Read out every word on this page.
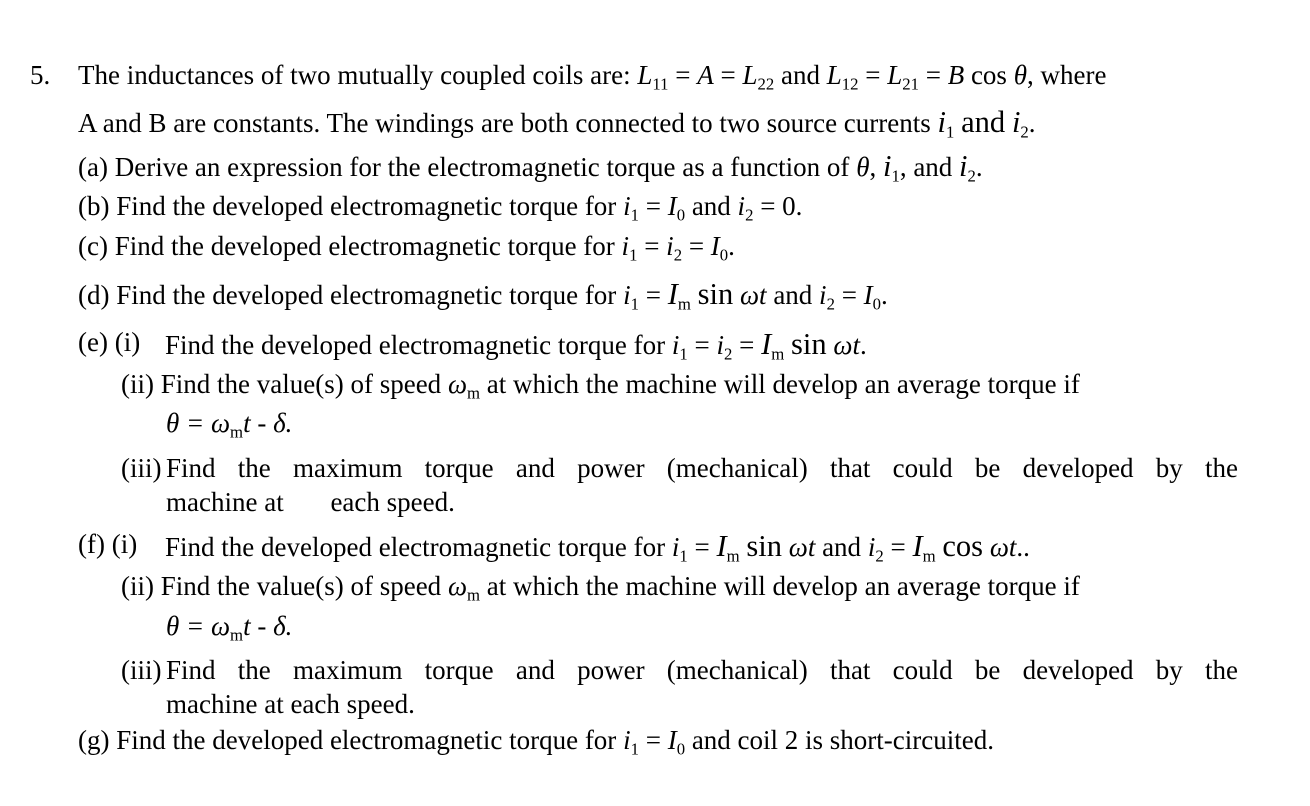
5. The inductances of two mutually coupled coils are: $L_{11} = A = L_{22}$ and $L_{12} = L_{21} = B$ cos θ, where
A and B are constants. The windings are both connected to two source currents $i_1$ and $i_2$.
(a) Derive an expression for the electromagnetic torque as a function of θ, $i_1$, and $i_2$.
(b) Find the developed electromagnetic torque for $i_1 = I_0$ and $i_2 = 0$.
(c) Find the developed electromagnetic torque for $i_1 = i_2 = I_0$.
(d) Find the developed electromagnetic torque for $i_1 = I_m$ sin ωt and $i_2 = I_0$.
(e) (i) Find the developed electromagnetic torque for $i_1 = i_2 = I_m$ sin ωt.
(ii) Find the value(s) of speed $\omega_m$ at which the machine will develop an average torque if
$\theta = \omega_mt - \delta$.
(iii) Find the maximum torque and power (mechanical) that could be developed by the
machine at each speed.
(f) (i) Find the developed electromagnetic torque for $i_1 = I_m$ sin ωt and $i_2 = I_m$ cos ωt..
(ii) Find the value(s) of speed $\omega_m$ at which the machine will develop an average torque if
$\theta = \omega_mt - \delta$.
(iii) Find the maximum torque and power (mechanical) that could be developed by the
machine at each speed.
(g) Find the developed electromagnetic torque for $i_1 = I_0$ and coil 2 is short-circuited.
